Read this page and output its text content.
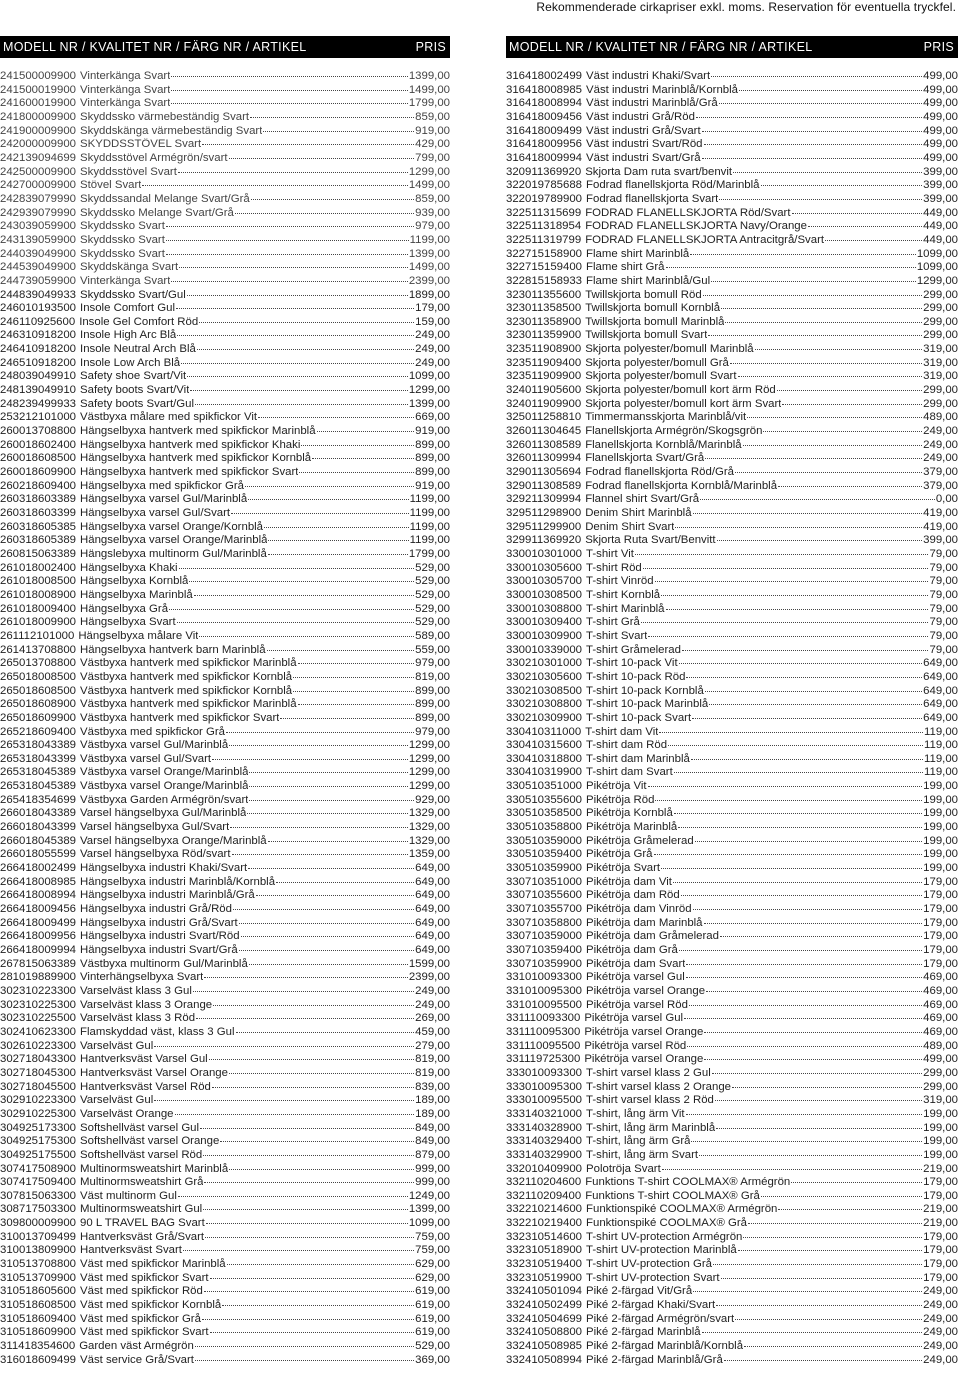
Rekommenderade cirkapriser exkl. moms. Reservation för eventuella tryckfel.
MODELL NR / KVALITET NR / FÄRG NR / ARTIKEL	PRIS
241500009900 Vinterkänga Svart	1399,00
241500019900 Vinterkänga Svart	1499,00
241600019900 Vinterkänga Svart	1799,00
241800009900 Skyddssko värmebeständig Svart	859,00
241900009900 Skyddskänga värmebeständig Svart	919,00
242000009900 SKYDDSSTÖVEL Svart	429,00
242139094699 Skyddsstövel Armégrön/svart	799,00
242500009900 Skyddsstövel Svart	1299,00
242700009900 Stövel Svart	1499,00
242839079990 Skyddssandal Melange Svart/Grå	859,00
242939079990 Skyddssko Melange Svart/Grå	939,00
243039059900 Skyddssko Svart	979,00
243139059900 Skyddssko Svart	1199,00
244039049900 Skyddssko Svart	1399,00
244539049900 Skyddskänga Svart	1499,00
244739059900 Vinterkänga Svart	2399,00
244839049933 Skyddssko Svart/Gul	1899,00
246010193500 Insole Comfort Gul	179,00
246110925600 Insole Gel Comfort Röd	159,00
246310918200 Insole High Arc Blå	249,00
246410918200 Insole Neutral Arch Blå	249,00
246510918200 Insole Low Arch Blå	249,00
248039049910 Safety shoe Svart/Vit	1099,00
248139049910 Safety boots Svart/Vit	1299,00
248239499933 Safety boots Svart/Gul	1399,00
253212101000 Västbyxa målare med spikfickor Vit	669,00
260013708800 Hängselbyxa hantverk med spikfickor Marinblå	919,00
260018602400 Hängselbyxa hantverk med spikfickor Khaki	899,00
260018608500 Hängselbyxa hantverk med spikfickor Kornblå	899,00
260018609900 Hängselbyxa hantverk med spikfickor Svart	899,00
260218609400 Hängselbyxa med spikfickor Grå	919,00
260318603389 Hängselbyxa varsel Gul/Marinblå	1199,00
260318603399 Hängselbyxa varsel Gul/Svart	1199,00
260318605385 Hängselbyxa varsel Orange/Kornblå	1199,00
260318605389 Hängselbyxa varsel Orange/Marinblå	1199,00
260815063389 Hängslebyxa multinorm Gul/Marinblå	1799,00
261018002400 Hängselbyxa Khaki	529,00
261018008500 Hängselbyxa Kornblå	529,00
261018008900 Hängselbyxa Marinblå	529,00
261018009400 Hängselbyxa Grå	529,00
261018009900 Hängselbyxa Svart	529,00
261112101000 Hängselbyxa målare Vit	589,00
261413708800 Hängselbyxa hantverk barn Marinblå	559,00
265013708800 Västbyxa hantverk med spikfickor Marinblå	979,00
265018008500 Västbyxa hantverk med spikfickor Kornblå	819,00
265018608500 Västbyxa hantverk med spikfickor Kornblå	899,00
265018608900 Västbyxa hantverk med spikfickor Marinblå	899,00
265018609900 Västbyxa hantverk med spikfickor Svart	899,00
265218609400 Västbyxa med spikfickor Grå	979,00
265318043389 Västbyxa varsel Gul/Marinblå	1299,00
265318043399 Västbyxa varsel Gul/Svart	1299,00
265318045389 Västbyxa varsel Orange/Marinblå	1299,00
265318045389 Västbyxa varsel Orange/Marinblå	1299,00
265418354699 Västbyxa Garden Armégrön/svart	929,00
266018043389 Varsel hängselbyxa Gul/Marinblå	1329,00
266018043399 Varsel hängselbyxa Gul/Svart	1329,00
266018045389 Varsel hängselbyxa Orange/Marinblå	1329,00
266018055599 Varsel hängselbyxa Röd/svart	1359,00
266418002499 Hängselbyxa industri Khaki/Svart	649,00
266418008985 Hängselbyxa industri Marinblå/Kornblå	649,00
266418008994 Hängselbyxa industri Marinblå/Grå	649,00
266418009456 Hängselbyxa industri Grå/Röd	649,00
266418009499 Hängselbyxa industri Grå/Svart	649,00
266418009956 Hängselbyxa industri Svart/Röd	649,00
266418009994 Hängselbyxa industri Svart/Grå	649,00
267815063389 Västbyxa multinorm Gul/Marinblå	1599,00
281019889900 Vinterhängselbyxa Svart	2399,00
302310223300 Varselväst klass 3 Gul	249,00
302310225300 Varselväst klass 3 Orange	249,00
302310225500 Varselväst klass 3 Röd	269,00
302410623300 Flamskyddad väst, klass 3 Gul	459,00
302610223300 Varselväst Gul	279,00
302718043300 Hantverksväst Varsel Gul	819,00
302718045300 Hantverksväst Varsel Orange	819,00
302718045500 Hantverksväst Varsel Röd	839,00
302910223300 Varselväst Gul	189,00
302910225300 Varselväst Orange	189,00
304925173300 Softshellväst varsel Gul	849,00
304925175300 Softshellväst varsel Orange	849,00
304925175500 Softshellväst varsel Röd	879,00
307417508900 Multinormsweatshirt Marinblå	999,00
307417509400 Multinormsweatshirt Grå	999,00
307815063300 Väst multinorm Gul	1249,00
308717503300 Multinormsweatshirt Gul	1399,00
309800009900 90 L TRAVEL BAG Svart	1099,00
310013709499 Hantverksväst Grå/Svart	759,00
310013809900 Hantverksväst Svart	759,00
310513708800 Väst med spikfickor Marinblå	629,00
310513709900 Väst med spikfickor Svart	629,00
310518605600 Väst med spikfickor Röd	619,00
310518608500 Väst med spikfickor Kornblå	619,00
310518609400 Väst med spikfickor Grå	619,00
310518609900 Väst med spikfickor Svart	619,00
311418354600 Garden väst Armégrön	529,00
316018609499 Väst service Grå/Svart	369,00
MODELL NR / KVALITET NR / FÄRG NR / ARTIKEL	PRIS
316418002499 Väst industri Khaki/Svart	499,00
316418008985 Väst industri Marinblå/Kornblå	499,00
316418008994 Väst industri Marinblå/Grå	499,00
316418009456 Väst industri Grå/Röd	499,00
316418009499 Väst industri Grå/Svart	499,00
316418009956 Väst industri Svart/Röd	499,00
316418009994 Väst industri Svart/Grå	499,00
320911369920 Skjorta Dam ruta svart/benvit	399,00
322019785688 Fodrad flanellskjorta Röd/Marinblå	399,00
322019789900 Fodrad flanellskjorta Svart	399,00
322511315699 FODRAD FLANELLSKJORTA Röd/Svart	449,00
322511318954 FODRAD FLANELLSKJORTA Navy/Orange	449,00
322511319799 FODRAD FLANELLSKJORTA Antracitgrå/Svart	449,00
322715158900 Flame shirt Marinblå	1099,00
322715159400 Flame shirt Grå	1099,00
322815158933 Flame shirt Marinblå/Gul	1299,00
323011355600 Twillskjorta bomull Röd	299,00
323011358500 Twillskjorta bomull Kornblå	299,00
323011358900 Twillskjorta bomull Marinblå	299,00
323011359900 Twillskjorta bomull Svart	299,00
323511908900 Skjorta polyester/bomull Marinblå	319,00
323511909400 Skjorta polyester/bomull Grå	319,00
323511909900 Skjorta polyester/bomull Svart	319,00
324011905600 Skjorta polyester/bomull kort ärm Röd	299,00
324011909900 Skjorta polyester/bomull kort ärm Svart	299,00
325011258810 Timmermansskjorta Marinblå/vit	489,00
326011304645 Flanellskjorta Armégrön/Skogsgrön	249,00
326011308589 Flanellskjorta Kornblå/Marinblå	249,00
326011309994 Flanellskjorta Svart/Grå	249,00
329011305694 Fodrad flanellskjorta Röd/Grå	379,00
329011308589 Fodrad flanellskjorta Kornblå/Marinblå	379,00
329211309994 Flannel shirt Svart/Grå	0,00
329511298900 Denim Shirt Marinblå	419,00
329511299900 Denim Shirt Svart	419,00
329911369920 Skjorta Ruta Svart/Benvitt	399,00
330010301000 T-shirt Vit	79,00
330010305600 T-shirt Röd	79,00
330010305700 T-shirt Vinröd	79,00
330010308500 T-shirt Kornblå	79,00
330010308800 T-shirt Marinblå	79,00
330010309400 T-shirt Grå	79,00
330010309900 T-shirt Svart	79,00
330010339000 T-shirt Gråmelerad	79,00
330210301000 T-shirt 10-pack Vit	649,00
330210305600 T-shirt 10-pack Röd	649,00
330210308500 T-shirt 10-pack Kornblå	649,00
330210308800 T-shirt 10-pack Marinblå	649,00
330210309900 T-shirt 10-pack Svart	649,00
330410311000 T-shirt dam Vit	119,00
330410315600 T-shirt dam Röd	119,00
330410318800 T-shirt dam Marinblå	119,00
330410319900 T-shirt dam Svart	119,00
330510351000 Pikétröja Vit	199,00
330510355600 Pikétröja Röd	199,00
330510358500 Pikétröja Kornblå	199,00
330510358800 Pikétröja Marinblå	199,00
330510359000 Pikétröja Gråmelerad	199,00
330510359400 Pikétröja Grå	199,00
330510359900 Pikétröja Svart	199,00
330710351000 Pikétröja dam Vit	179,00
330710355600 Pikétröja dam Röd	179,00
330710355700 Pikétröja dam Vinröd	179,00
330710358800 Pikétröja dam Marinblå	179,00
330710359000 Pikétröja dam Gråmelerad	179,00
330710359400 Pikétröja dam Grå	179,00
330710359900 Pikétröja dam Svart	179,00
331010093300 Pikétröja varsel Gul	469,00
331010095300 Pikétröja varsel Orange	469,00
331010095500 Pikétröja varsel Röd	469,00
331110093300 Pikétröja varsel Gul	469,00
331110095300 Pikétröja varsel Orange	469,00
331110095500 Pikétröja varsel Röd	489,00
331119725300 Pikétröja varsel Orange	499,00
333010093300 T-shirt varsel klass 2 Gul	299,00
333010095300 T-shirt varsel klass 2 Orange	299,00
333010095500 T-shirt varsel klass 2 Röd	319,00
333140321000 T-shirt, lång ärm Vit	199,00
333140328900 T-shirt, lång ärm Marinblå	199,00
333140329400 T-shirt, lång ärm Grå	199,00
333140329900 T-shirt, lång ärm Svart	199,00
332010409900 Polotröja Svart	219,00
332110204600 Funktions T-shirt COOLMAX® Armégrön	179,00
332110209400 Funktions T-shirt COOLMAX® Grå	179,00
332210214600 Funktionspiké COOLMAX® Armégrön	219,00
332210219400 Funktionspiké COOLMAX® Grå	219,00
332310514600 T-shirt UV-protection Armégrön	179,00
332310518900 T-shirt UV-protection Marinblå	179,00
332310519400 T-shirt UV-protection Grå	179,00
332310519900 T-shirt UV-protection Svart	179,00
332410501094 Piké 2-färgad Vit/Grå	249,00
332410502499 Piké 2-färgad Khaki/Svart	249,00
332410504699 Piké 2-färgad Armégrön/svart	249,00
332410508800 Piké 2-färgad Marinblå	249,00
332410508985 Piké 2-färgad Marinblå/Kornblå	249,00
332410508994 Piké 2-färgad Marinblå/Grå	249,00
